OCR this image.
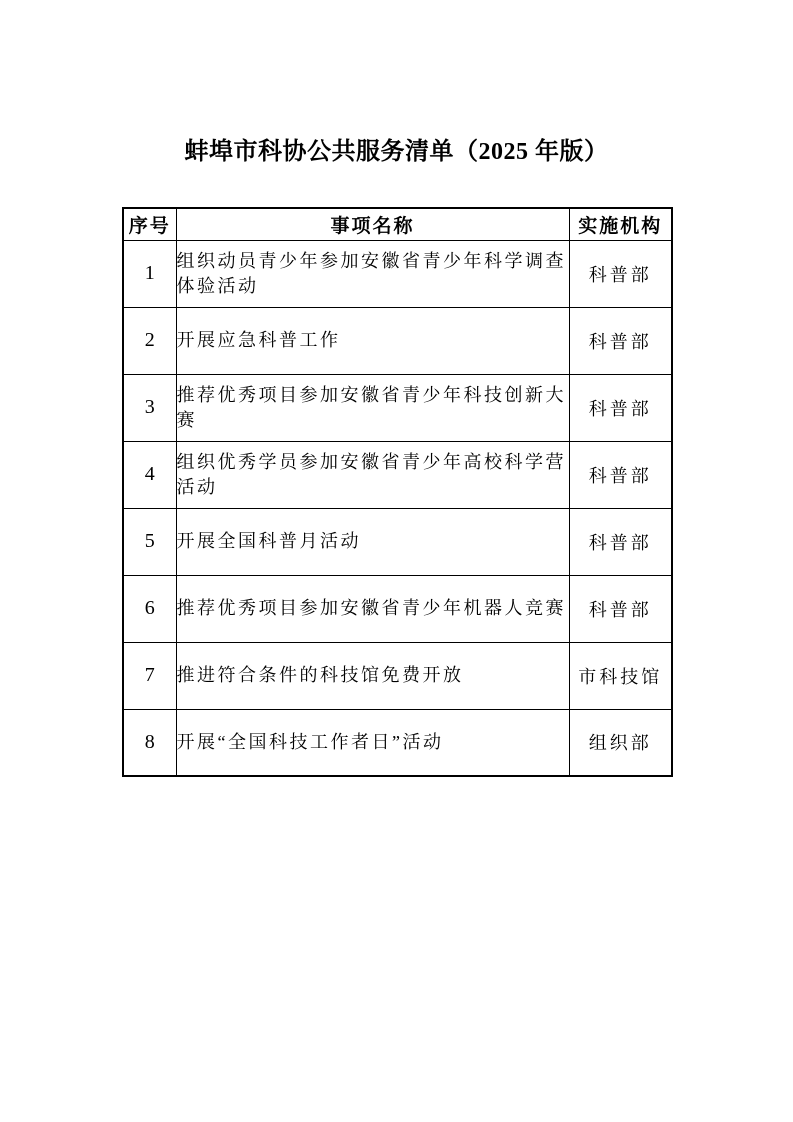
蚌埠市科协公共服务清单（2025 年版）
序号	事项名称	实施机构
1	组织动员青少年参加安徽省青少年科学调查体验活动	科普部
2	开展应急科普工作	科普部
3	推荐优秀项目参加安徽省青少年科技创新大赛	科普部
4	组织优秀学员参加安徽省青少年高校科学营活动	科普部
5	开展全国科普月活动	科普部
6	推荐优秀项目参加安徽省青少年机器人竞赛	科普部
7	推进符合条件的科技馆免费开放	市科技馆
8	开展“全国科技工作者日”活动	组织部
